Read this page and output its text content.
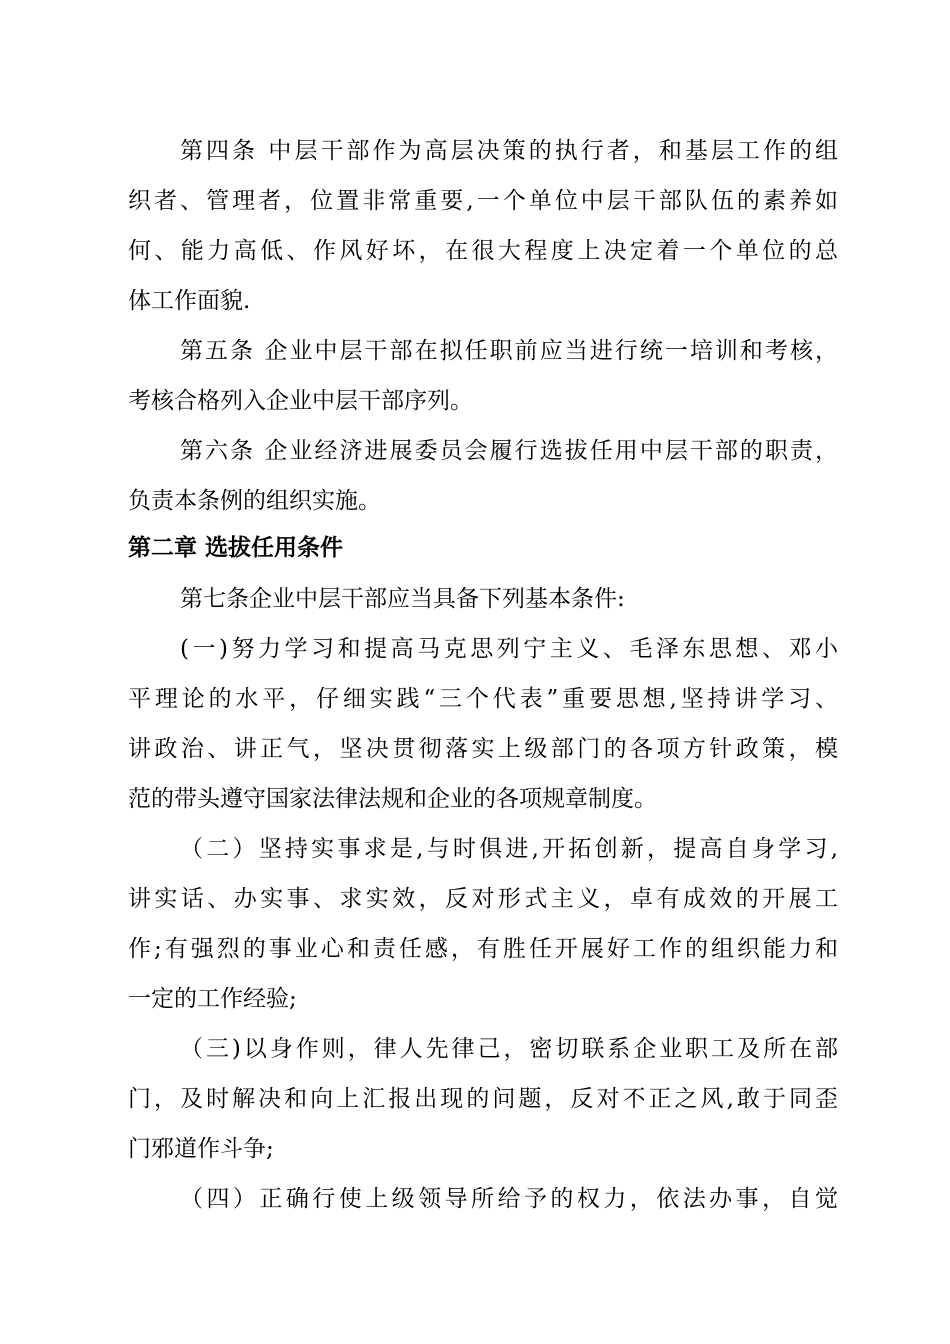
第四条 中层干部作为高层决策的执行者，和基层工作的组
织者、管理者，位置非常重要,一个单位中层干部队伍的素养如
何、能力高低、作风好坏，在很大程度上决定着一个单位的总
体工作面貌.
第五条 企业中层干部在拟任职前应当进行统一培训和考核，
考核合格列入企业中层干部序列。
第六条 企业经济进展委员会履行选拔任用中层干部的职责，
负责本条例的组织实施。
第二章 选拔任用条件
第七条企业中层干部应当具备下列基本条件:
(一)努力学习和提高马克思列宁主义、毛泽东思想、邓小
平理论的水平，仔细实践“三个代表”重要思想,坚持讲学习、
讲政治、讲正气，坚决贯彻落实上级部门的各项方针政策，模
范的带头遵守国家法律法规和企业的各项规章制度。
（二）坚持实事求是,与时俱进,开拓创新，提高自身学习,
讲实话、办实事、求实效，反对形式主义，卓有成效的开展工
作;有强烈的事业心和责任感，有胜任开展好工作的组织能力和
一定的工作经验;
（三)以身作则，律人先律己，密切联系企业职工及所在部
门，及时解决和向上汇报出现的问题，反对不正之风,敢于同歪
门邪道作斗争;
（四）正确行使上级领导所给予的权力，依法办事，自觉
